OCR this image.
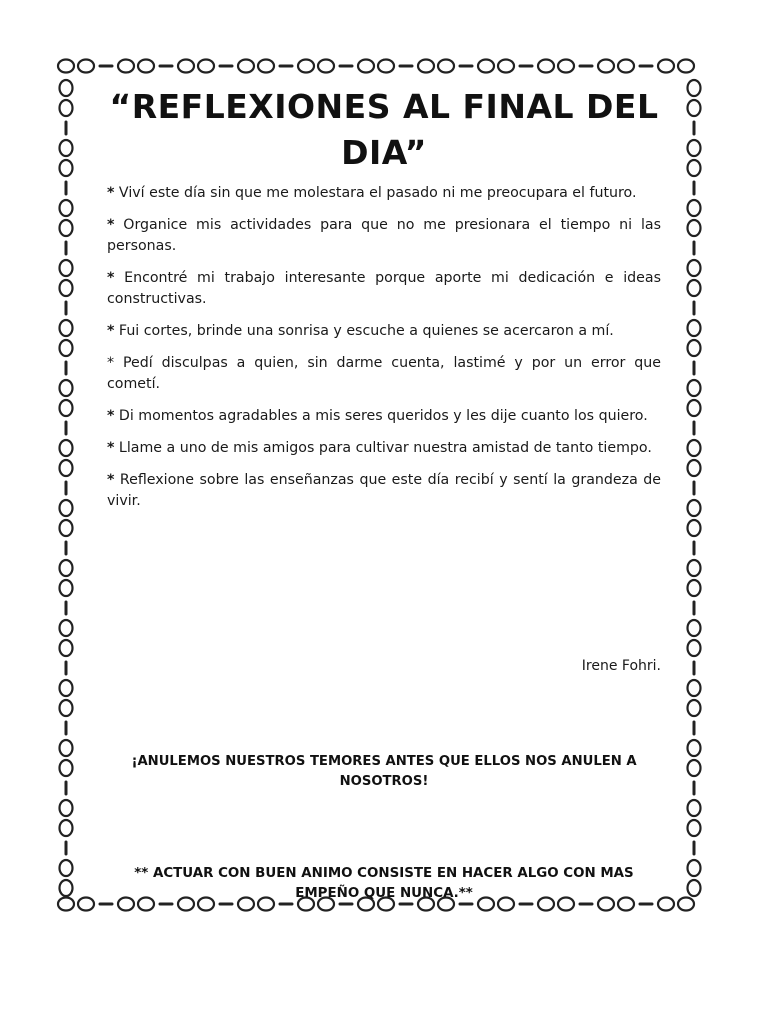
“REFLEXIONES AL FINAL DEL DIA”

* Viví este día sin que me molestara el pasado ni me preocupara el futuro.

* Organice mis actividades para que no me presionara el tiempo ni las personas.

* Encontré mi trabajo interesante porque aporte mi dedicación e ideas constructivas.

* Fui cortes, brinde una sonrisa y escuche a quienes se acercaron a mí.

* Pedí disculpas a quien, sin darme cuenta, lastimé y por un error que cometí.

* Di momentos agradables a mis seres queridos y les dije cuanto los quiero.

* Llame a uno de mis amigos para cultivar nuestra amistad de tanto tiempo.

* Reflexione sobre las enseñanzas que este día recibí y sentí la grandeza de vivir.

Irene Fohri.
¡ANULEMOS NUESTROS TEMORES ANTES QUE ELLOS NOS ANULEN A NOSOTROS!
** ACTUAR CON BUEN ANIMO CONSISTE EN HACER ALGO CON MAS EMPEÑO QUE NUNCA.**
